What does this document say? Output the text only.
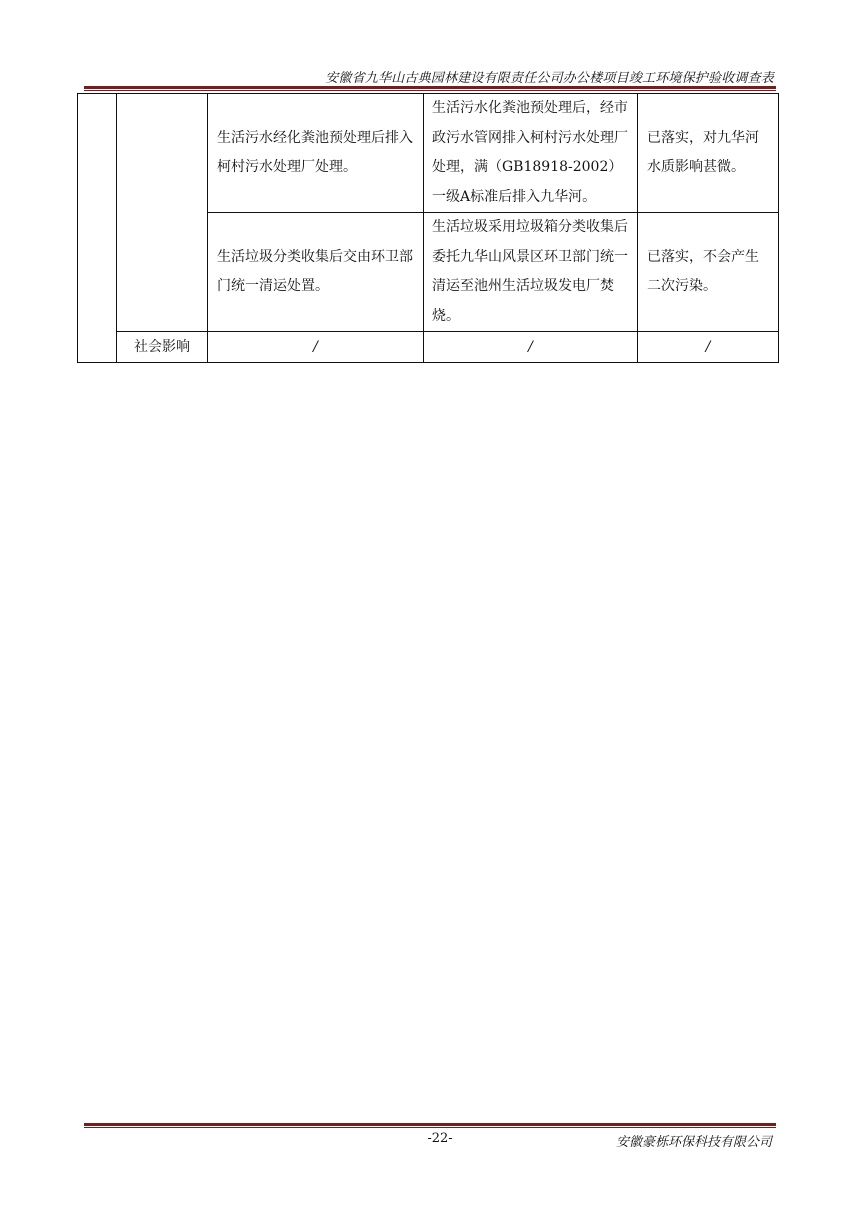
安徽省九华山古典园林建设有限责任公司办公楼项目竣工环境保护验收调查表

		生活污水经化粪池预处理后排入柯村污水处理厂处理。	生活污水化粪池预处理后，经市政污水管网排入柯村污水处理厂处理，满（GB18918-2002）一级A标准后排入九华河。	已落实，对九华河水质影响甚微。

		生活垃圾分类收集后交由环卫部门统一清运处置。	生活垃圾采用垃圾箱分类收集后委托九华山风景区环卫部门统一清运至池州生活垃圾发电厂焚烧。	已落实，不会产生二次污染。

	社会影响	/	/	/
-22-	安徽豪栎环保科技有限公司
